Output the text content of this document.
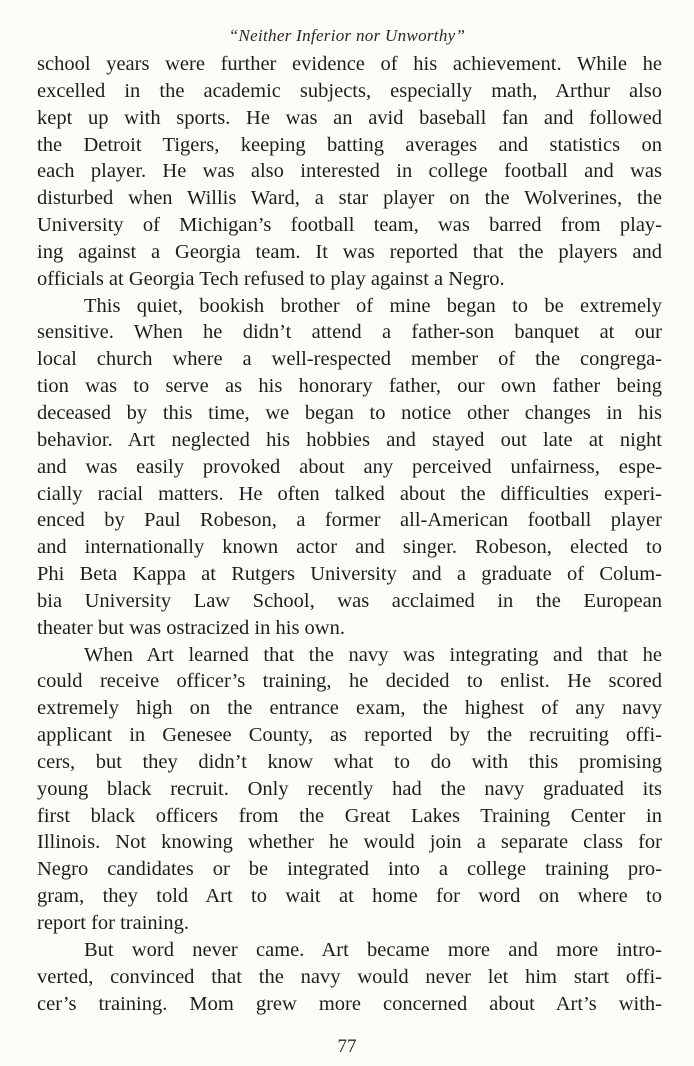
“Neither Inferior nor Unworthy”
school years were further evidence of his achievement. While he
excelled in the academic subjects, especially math, Arthur also
kept up with sports. He was an avid baseball fan and followed
the Detroit Tigers, keeping batting averages and statistics on
each player. He was also interested in college football and was
disturbed when Willis Ward, a star player on the Wolverines, the
University of Michigan’s football team, was barred from play-
ing against a Georgia team. It was reported that the players and
officials at Georgia Tech refused to play against a Negro.
This quiet, bookish brother of mine began to be extremely
sensitive. When he didn’t attend a father-son banquet at our
local church where a well-respected member of the congrega-
tion was to serve as his honorary father, our own father being
deceased by this time, we began to notice other changes in his
behavior. Art neglected his hobbies and stayed out late at night
and was easily provoked about any perceived unfairness, espe-
cially racial matters. He often talked about the difficulties experi-
enced by Paul Robeson, a former all-American football player
and internationally known actor and singer. Robeson, elected to
Phi Beta Kappa at Rutgers University and a graduate of Colum-
bia University Law School, was acclaimed in the European
theater but was ostracized in his own.
When Art learned that the navy was integrating and that he
could receive officer’s training, he decided to enlist. He scored
extremely high on the entrance exam, the highest of any navy
applicant in Genesee County, as reported by the recruiting offi-
cers, but they didn’t know what to do with this promising
young black recruit. Only recently had the navy graduated its
first black officers from the Great Lakes Training Center in
Illinois. Not knowing whether he would join a separate class for
Negro candidates or be integrated into a college training pro-
gram, they told Art to wait at home for word on where to
report for training.
But word never came. Art became more and more intro-
verted, convinced that the navy would never let him start offi-
cer’s training. Mom grew more concerned about Art’s with-
77
